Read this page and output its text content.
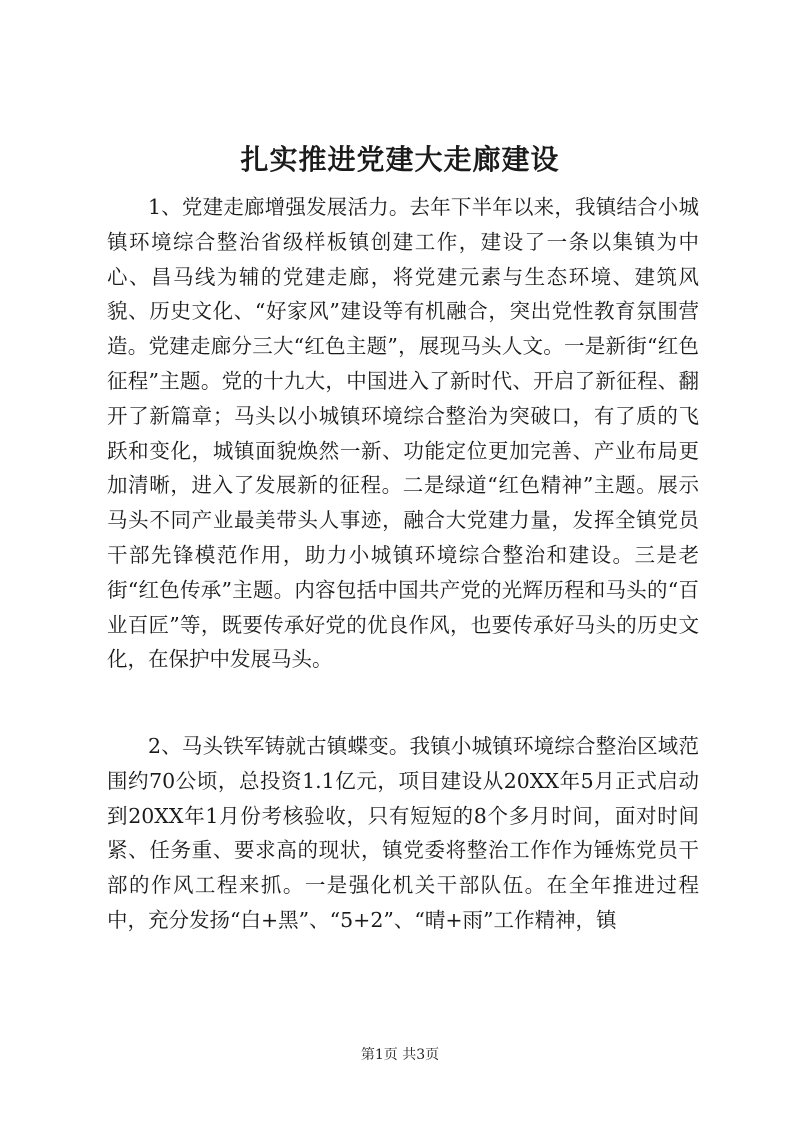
扎实推进党建大走廊建设

1、党建走廊增强发展活力。去年下半年以来，我镇结合小城镇环境综合整治省级样板镇创建工作，建设了一条以集镇为中心、昌马线为辅的党建走廊，将党建元素与生态环境、建筑风貌、历史文化、“好家风”建设等有机融合，突出党性教育氛围营造。党建走廊分三大“红色主题”，展现马头人文。一是新街“红色征程”主题。党的十九大，中国进入了新时代、开启了新征程、翻开了新篇章；马头以小城镇环境综合整治为突破口，有了质的飞跃和变化，城镇面貌焕然一新、功能定位更加完善、产业布局更加清晰，进入了发展新的征程。二是绿道“红色精神”主题。展示马头不同产业最美带头人事迹，融合大党建力量，发挥全镇党员干部先锋模范作用，助力小城镇环境综合整治和建设。三是老街“红色传承”主题。内容包括中国共产党的光辉历程和马头的“百业百匠”等，既要传承好党的优良作风，也要传承好马头的历史文化，在保护中发展马头。

2、马头铁军铸就古镇蝶变。我镇小城镇环境综合整治区域范围约70公顷，总投资1.1亿元，项目建设从20XX年5月正式启动到20XX年1月份考核验收，只有短短的8个多月时间，面对时间紧、任务重、要求高的现状，镇党委将整治工作作为锤炼党员干部的作风工程来抓。一是强化机关干部队伍。在全年推进过程中，充分发扬“白+黑”、“5+2”、“晴+雨”工作精神，镇

第1页 共3页
